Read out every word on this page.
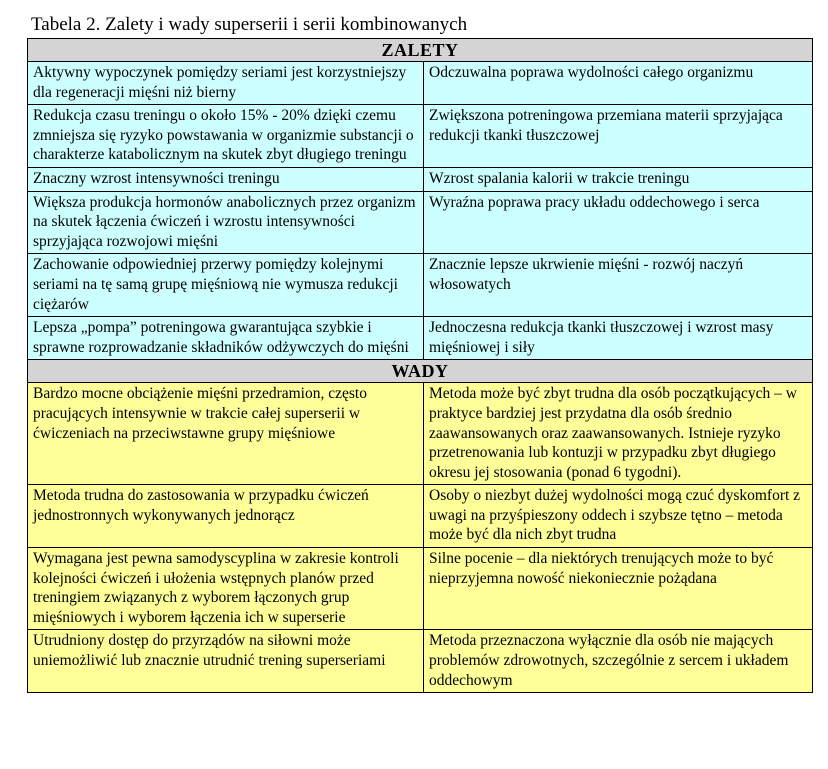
Tabela 2. Zalety i wady superserii i serii kombinowanych
ZALETY	
Aktywny wypoczynek pomiędzy seriami jest korzystniejszy dla regeneracji mięśni niż bierny	Odczuwalna poprawa wydolności całego organizmu
Redukcja czasu treningu o około 15% - 20% dzięki czemu zmniejsza się ryzyko powstawania w organizmie substancji o charakterze katabolicznym na skutek zbyt długiego treningu	Zwiększona potreningowa przemiana materii sprzyjająca redukcji tkanki tłuszczowej
Znaczny wzrost intensywności treningu	Wzrost spalania kalorii w trakcie treningu
Większa produkcja hormonów anabolicznych przez organizm na skutek łączenia ćwiczeń i wzrostu intensywności sprzyjająca rozwojowi mięśni	Wyraźna poprawa pracy układu oddechowego i serca
Zachowanie odpowiedniej przerwy pomiędzy kolejnymi seriami na tę samą grupę mięśniową nie wymusza redukcji ciężarów	Znacznie lepsze ukrwienie mięśni - rozwój naczyń włosowatych
Lepsza „pompa” potreningowa gwarantująca szybkie i sprawne rozprowadzanie składników odżywczych do mięśni	Jednoczesna redukcja tkanki tłuszczowej i wzrost masy mięśniowej i siły
WADY	
Bardzo mocne obciążenie mięśni przedramion, często pracujących intensywnie w trakcie całej superserii w ćwiczeniach na przeciwstawne grupy mięśniowe	Metoda może być zbyt trudna dla osób początkujących – w praktyce bardziej jest przydatna dla osób średnio zaawansowanych oraz zaawansowanych. Istnieje ryzyko przetrenowania lub kontuzji w przypadku zbyt długiego okresu jej stosowania (ponad 6 tygodni).
Metoda trudna do zastosowania w przypadku ćwiczeń jednostronnych wykonywanych jednorącz	Osoby o niezbyt dużej wydolności mogą czuć dyskomfort z uwagi na przyśpieszony oddech i szybsze tętno – metoda może być dla nich zbyt trudna
Wymagana jest pewna samodyscyplina w zakresie kontroli kolejności ćwiczeń i ułożenia wstępnych planów przed treningiem związanych z wyborem łączonych grup mięśniowych i wyborem łączenia ich w superserie	Silne pocenie – dla niektórych trenujących może to być nieprzyjemna nowość niekoniecznie pożądana
Utrudniony dostęp do przyrządów na siłowni może uniemożliwić lub znacznie utrudnić trening superseriami	Metoda przeznaczona wyłącznie dla osób nie mających problemów zdrowotnych, szczególnie z sercem i układem oddechowym
